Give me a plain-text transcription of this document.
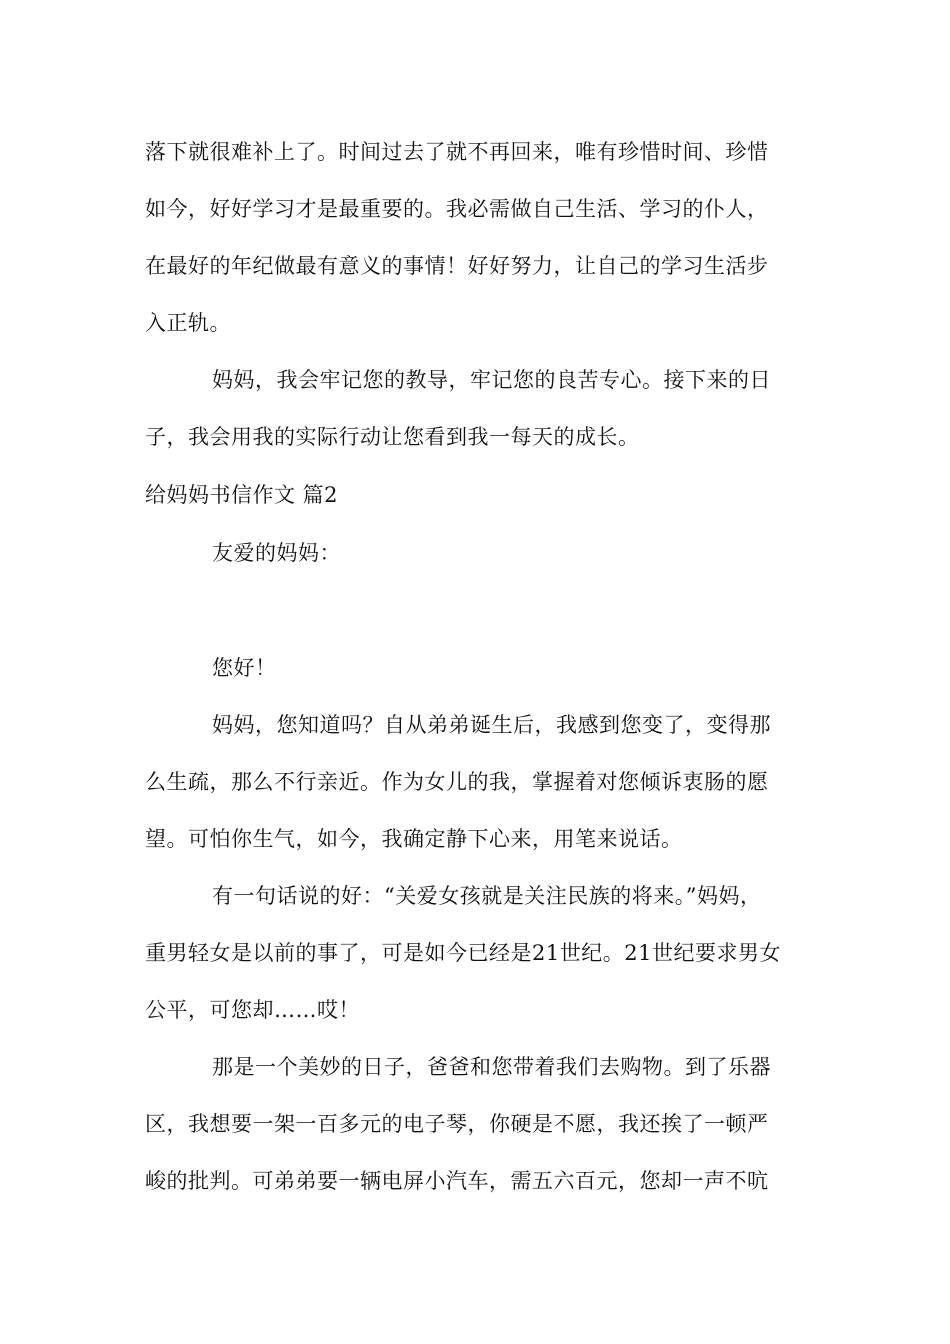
落下就很难补上了。时间过去了就不再回来，唯有珍惜时间、珍惜
如今，好好学习才是最重要的。我必需做自己生活、学习的仆人，
在最好的年纪做最有意义的事情！好好努力，让自己的学习生活步
入正轨。
妈妈，我会牢记您的教导，牢记您的良苦专心。接下来的日
子，我会用我的实际行动让您看到我一每天的成长。
给妈妈书信作文 篇2
友爱的妈妈：
您好！
妈妈，您知道吗？自从弟弟诞生后，我感到您变了，变得那
么生疏，那么不行亲近。作为女儿的我，掌握着对您倾诉衷肠的愿
望。可怕你生气，如今，我确定静下心来，用笔来说话。
有一句话说的好：“关爱女孩就是关注民族的将来。”妈妈，
重男轻女是以前的事了，可是如今已经是21世纪。21世纪要求男女
公平，可您却……哎！
那是一个美妙的日子，爸爸和您带着我们去购物。到了乐器
区，我想要一架一百多元的电子琴，你硬是不愿，我还挨了一顿严
峻的批判。可弟弟要一辆电屏小汽车，需五六百元，您却一声不吭
